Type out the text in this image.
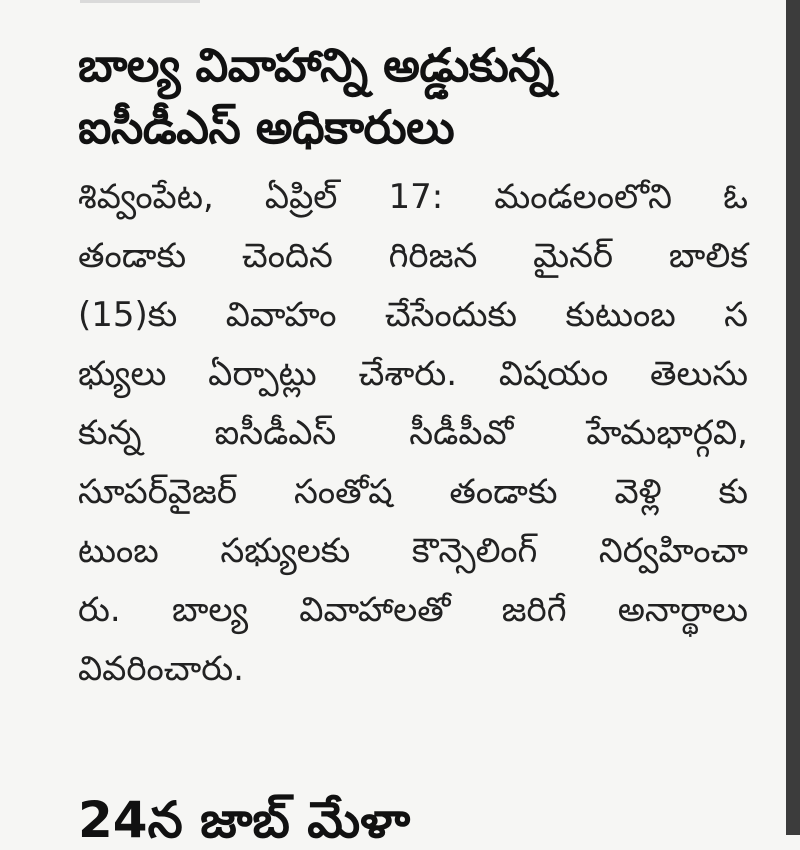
బాల్య వివాహాన్ని అడ్డుకున్న
ఐసీడీఎస్ అధికారులు

శివ్వంపేట, ఏప్రిల్ 17: మండలంలోని ఓ
తండాకు చెందిన గిరిజన మైనర్ బాలిక
(15)కు వివాహం చేసేందుకు కుటుంబ స
భ్యులు ఏర్పాట్లు చేశారు. విషయం తెలుసు
కున్న ఐసీడీఎస్ సీడీపీవో హేమభార్గవి,
సూపర్‌వైజర్ సంతోష తండాకు వెళ్లి కు
టుంబ సభ్యులకు కౌన్సెలింగ్ నిర్వహించా
రు. బాల్య వివాహాలతో జరిగే అనార్థాలు
వివరించారు.

24న జాబ్ మేళా
